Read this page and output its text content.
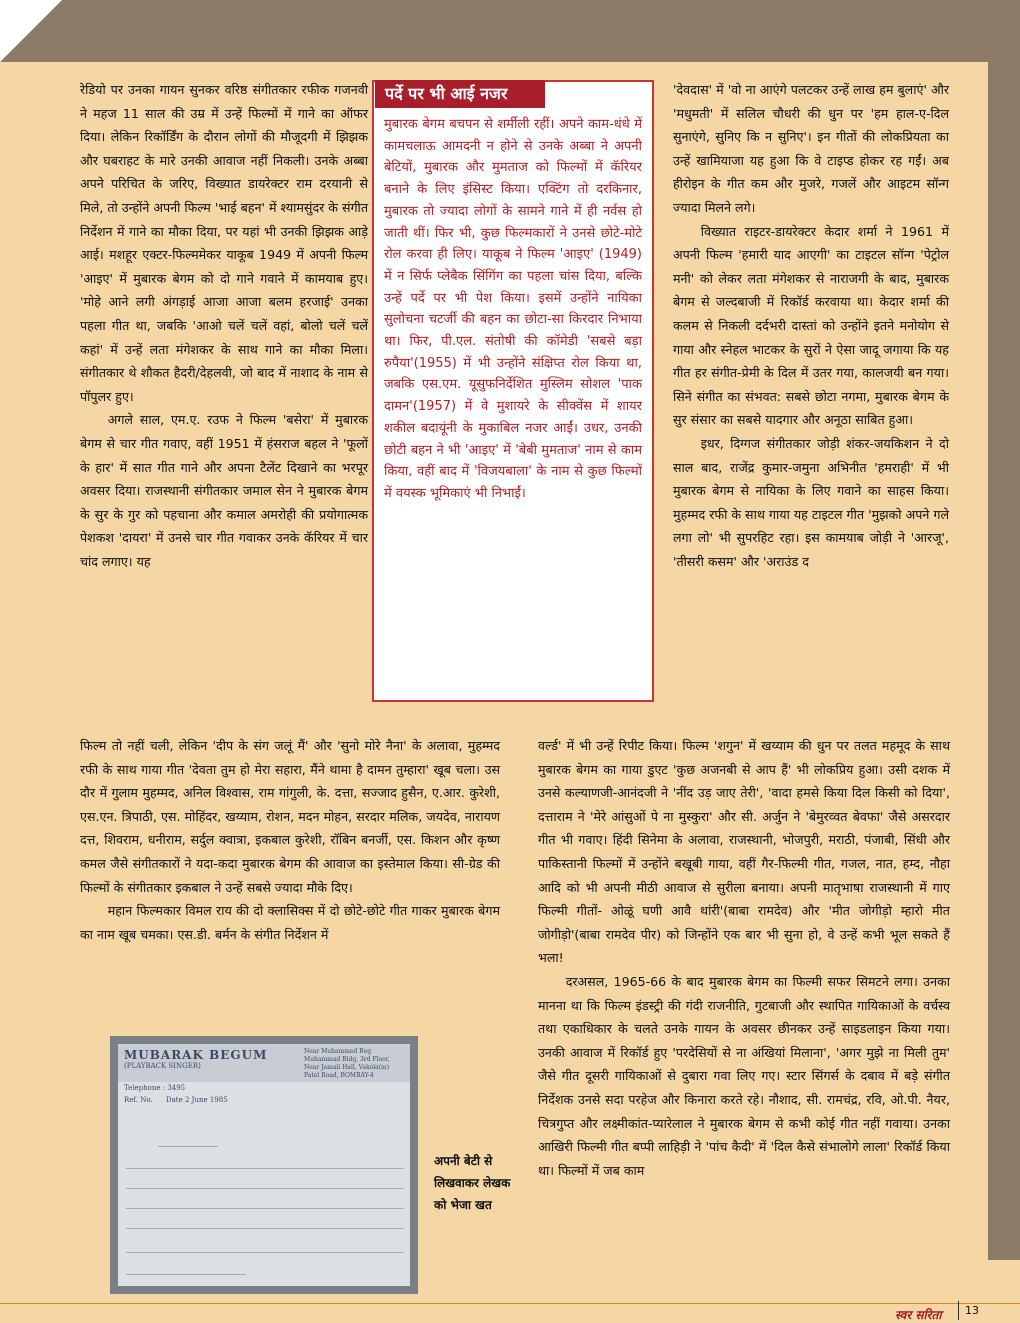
रेडियो पर उनका गायन सुनकर वरिष्ठ संगीतकार रफीक गजनवी ने महज 11 साल की उम्र में उन्हें फिल्मों में गाने का ऑफर दिया। लेकिन रिकॉर्डिंग के दौरान लोगों की मौजूदगी में झिझक और घबराहट के मारे उनकी आवाज नहीं निकली। उनके अब्बा अपने परिचित के जरिए, विख्यात डायरेक्टर राम दरयानी से मिले, तो उन्होंने अपनी फिल्म 'भाई बहन' में श्यामसुंदर के संगीत निर्देशन में गाने का मौका दिया, पर यहां भी उनकी झिझक आड़े आई। मशहूर एक्टर-फिल्ममेकर याकूब 1949 में अपनी फिल्म 'आइए' में मुबारक बेगम को दो गाने गवाने में कामयाब हुए। 'मोहे आने लगी अंगड़ाई आजा आजा बलम हरजाई' उनका पहला गीत था, जबकि 'आओ चलें चलें वहां, बोलो चलें चलें कहां' में उन्हें लता मंगेशकर के साथ गाने का मौका मिला। संगीतकार थे शौकत हैदरी/देहलवी, जो बाद में नाशाद के नाम से पॉपुलर हुए।

अगले साल, एम.ए. रउफ ने फिल्म 'बसेरा' में मुबारक बेगम से चार गीत गवाए, वहीं 1951 में हंसराज बहल ने 'फूलों के हार' में सात गीत गाने और अपना टैलेंट दिखाने का भरपूर अवसर दिया। राजस्थानी संगीतकार जमाल सेन ने मुबारक बेगम के सुर के गुर को पहचाना और कमाल अमरोही की प्रयोगात्मक पेशकश 'दायरा' में उनसे चार गीत गवाकर उनके कॅरियर में चार चांद लगाए। यह

पर्दे पर भी आई नजर
मुबारक बेगम बचपन से शर्मीली रहीं। अपने काम-धंधे में कामचलाऊ आमदनी न होने से उनके अब्बा ने अपनी बेटियों, मुबारक और मुमताज को फिल्मों में कॅरियर बनाने के लिए इंसिस्ट किया। एक्टिंग तो दरकिनार, मुबारक तो ज्यादा लोगों के सामने गाने में ही नर्वस हो जाती थीं। फिर भी, कुछ फिल्मकारों ने उनसे छोटे-मोटे रोल करवा ही लिए। याकूब ने फिल्म 'आइए' (1949) में न सिर्फ प्लेबैक सिंगिंग का पहला चांस दिया, बल्कि उन्हें पर्दे पर भी पेश किया। इसमें उन्होंने नायिका सुलोचना चटर्जी की बहन का छोटा-सा किरदार निभाया था। फिर, पी.एल. संतोषी की कॉमेडी 'सबसे बड़ा रुपैया'(1955) में भी उन्होंने संक्षिप्त रोल किया था, जबकि एस.एम. यूसुफनिर्देशित मुस्लिम सोशल 'पाक दामन'(1957) में वे मुशायरे के सीक्वेंस में शायर शकील बदायूंनी के मुकाबिल नजर आईं। उधर, उनकी छोटी बहन ने भी 'आइए' में 'बेबी मुमताज' नाम से काम किया, वहीं बाद में 'विजयबाला' के नाम से कुछ फिल्मों में वयस्क भूमिकाएं भी निभाईं।

'देवदास' में 'वो ना आएंगे पलटकर उन्हें लाख हम बुलाएं' और 'मधुमती' में सलिल चौधरी की धुन पर 'हम हाल-ए-दिल सुनाएंगे, सुनिए कि न सुनिए'। इन गीतों की लोकप्रियता का उन्हें खामियाजा यह हुआ कि वे टाइप्ड होकर रह गईं। अब हीरोइन के गीत कम और मुजरे, गजलें और आइटम सॉन्ग ज्यादा मिलने लगे।

विख्यात राइटर-डायरेक्टर केदार शर्मा ने 1961 में अपनी फिल्म 'हमारी याद आएगी' का टाइटल सॉन्ग 'पेट्रोल मनी' को लेकर लता मंगेशकर से नाराजगी के बाद, मुबारक बेगम से जल्दबाजी में रिकॉर्ड करवाया था। केदार शर्मा की कलम से निकली दर्दभरी दास्तां को उन्होंने इतने मनोयोग से गाया और स्नेहल भाटकर के सुरों ने ऐसा जादू जगाया कि यह गीत हर संगीत-प्रेमी के दिल में उतर गया, कालजयी बन गया। सिने संगीत का संभवत: सबसे छोटा नगमा, मुबारक बेगम के सुर संसार का सबसे यादगार और अनूठा साबित हुआ।

इधर, दिग्गज संगीतकार जोड़ी शंकर-जयकिशन ने दो साल बाद, राजेंद्र कुमार-जमुना अभिनीत 'हमराही' में भी मुबारक बेगम से नायिका के लिए गवाने का साहस किया। मुहम्मद रफी के साथ गाया यह टाइटल गीत 'मुझको अपने गले लगा लो' भी सुपरहिट रहा। इस कामयाब जोड़ी ने 'आरजू', 'तीसरी कसम' और 'अराउंड द

फिल्म तो नहीं चली, लेकिन 'दीप के संग जलूं मैं' और 'सुनो मोरे नैना' के अलावा, मुहम्मद रफी के साथ गाया गीत 'देवता तुम हो मेरा सहारा, मैंने थामा है दामन तुम्हारा' खूब चला। उस दौर में गुलाम मुहम्मद, अनिल विश्वास, राम गांगुली, के. दत्ता, सज्जाद हुसैन, ए.आर. कुरेशी, एस.एन. त्रिपाठी, एस. मोहिंदर, खय्याम, रोशन, मदन मोहन, सरदार मलिक, जयदेव, नारायण दत्त, शिवराम, धनीराम, सर्दुल क्वात्रा, इकबाल कुरेशी, रॉबिन बनर्जी, एस. किशन और कृष्ण कमल जैसे संगीतकारों ने यदा-कदा मुबारक बेगम की आवाज का इस्तेमाल किया। सी-ग्रेड की फिल्मों के संगीतकार इकबाल ने उन्हें सबसे ज्यादा मौके दिए।

महान फिल्मकार विमल राय की दो क्लासिक्स में दो छोटे-छोटे गीत गाकर मुबारक बेगम का नाम खूब चमका। एस.डी. बर्मन के संगीत निर्देशन में

वर्ल्ड' में भी उन्हें रिपीट किया। फिल्म 'शगुन' में खय्याम की धुन पर तलत महमूद के साथ मुबारक बेगम का गाया डुएट 'कुछ अजनबी से आप हैं' भी लोकप्रिय हुआ। उसी दशक में उनसे कल्याणजी-आनंदजी ने 'नींद उड़ जाए तेरी', 'वादा हमसे किया दिल किसी को दिया', दत्ताराम ने 'मेरे आंसुओं पे ना मुस्कुरा' और सी. अर्जुन ने 'बेमुरव्वत बेवफा' जैसे असरदार गीत भी गवाए। हिंदी सिनेमा के अलावा, राजस्थानी, भोजपुरी, मराठी, पंजाबी, सिंधी और पाकिस्तानी फिल्मों में उन्होंने बखूबी गाया, वहीं गैर-फिल्मी गीत, गजल, नात, हम्द, नौहा आदि को भी अपनी मीठी आवाज से सुरीला बनाया। अपनी मातृभाषा राजस्थानी में गाए फिल्मी गीतों- ओळूं घणी आवै थांरी'(बाबा रामदेव) और 'मीत जोगीड़ो म्हारो मीत जोगीड़ो'(बाबा रामदेव पीर) को जिन्होंने एक बार भी सुना हो, वे उन्हें कभी भूल सकते हैं भला!

दरअसल, 1965-66 के बाद मुबारक बेगम का फिल्मी सफर सिमटने लगा। उनका मानना था कि फिल्म इंडस्ट्री की गंदी राजनीति, गुटबाजी और स्थापित गायिकाओं के वर्चस्व तथा एकाधिकार के चलते उनके गायन के अवसर छीनकर उन्हें साइडलाइन किया गया। उनकी आवाज में रिकॉर्ड हुए 'परदेसियों से ना अंखियां मिलाना', 'अगर मुझे ना मिली तुम' जैसे गीत दूसरी गायिकाओं से दुबारा गवा लिए गए। स्टार सिंगर्स के दबाव में बड़े संगीत निर्देशक उनसे सदा परहेज और किनारा करते रहे। नौशाद, सी. रामचंद्र, रवि, ओ.पी. नैयर, चित्रगुप्त और लक्ष्मीकांत-प्यारेलाल ने मुबारक बेगम से कभी कोई गीत नहीं गवाया। उनका आखिरी फिल्मी गीत बप्पी लाहिड़ी ने 'पांच कैदी' में 'दिल कैसे संभालोगे लाला' रिकॉर्ड किया था। फिल्मों में जब काम

MUBARAK BEGUM
(PLAYBACK SINGER)
Near Muhammed Beg Muhammad Bldg, 3rd Floor, Near Jamali Hall, Vakola(m) Patel Road, BOMBAY-4
Telephone : 3495
Ref. No. Date 2 June 1985
अपनी बेटी से लिखवाकर लेखक को भेजा खत
स्वर सरिता	13
